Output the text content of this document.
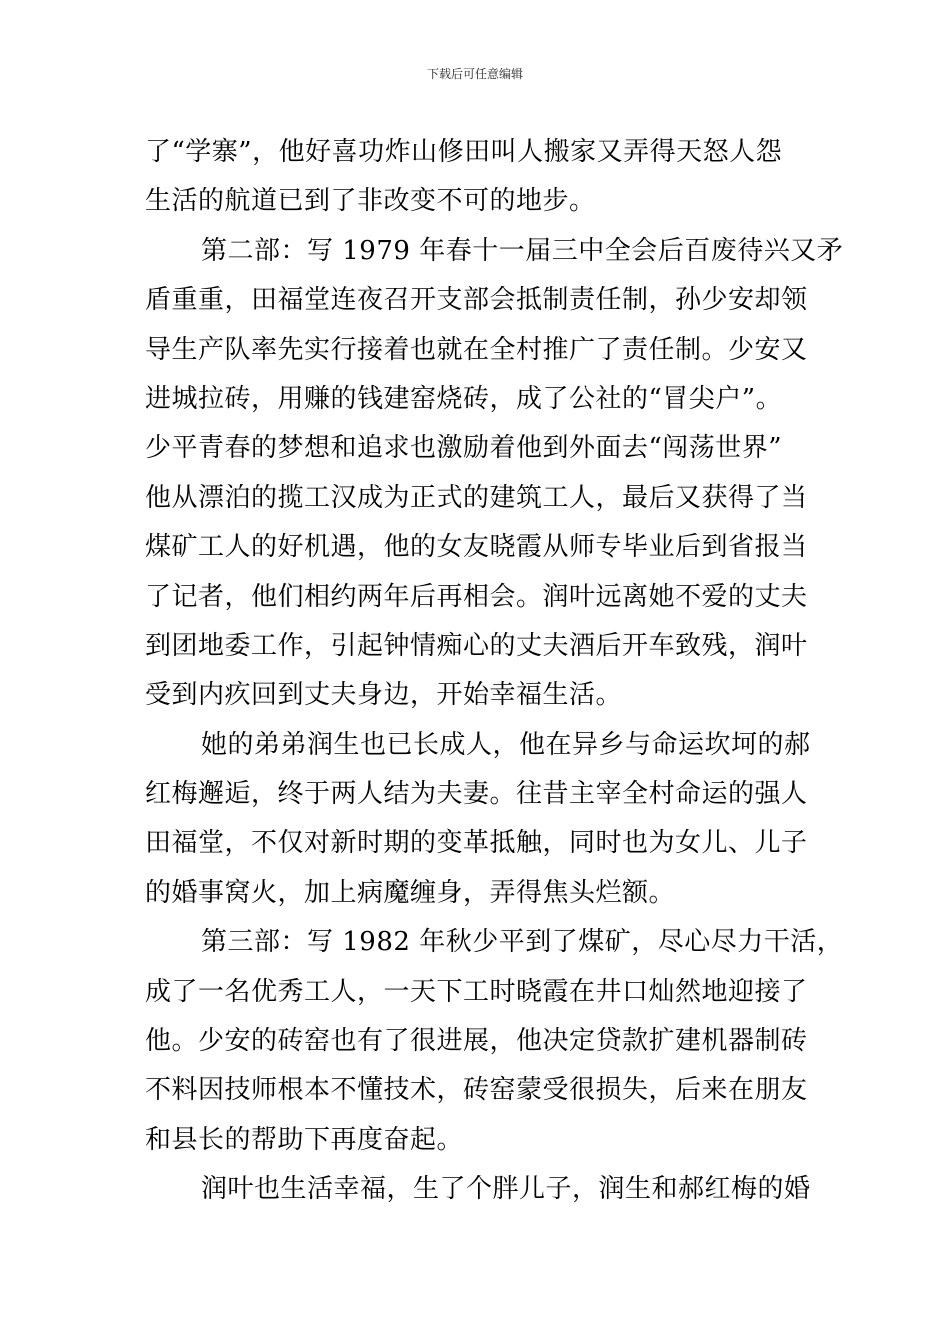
下载后可任意编辑
了“学寨”，他好喜功炸山修田叫人搬家又弄得天怒人怨
生活的航道已到了非改变不可的地步。
第二部：写 1979 年春十一届三中全会后百废待兴又矛
盾重重，田福堂连夜召开支部会抵制责任制，孙少安却领
导生产队率先实行接着也就在全村推广了责任制。少安又
进城拉砖，用赚的钱建窑烧砖，成了公社的“冒尖户”。
少平青春的梦想和追求也激励着他到外面去“闯荡世界”
他从漂泊的揽工汉成为正式的建筑工人，最后又获得了当
煤矿工人的好机遇，他的女友晓霞从师专毕业后到省报当
了记者，他们相约两年后再相会。润叶远离她不爱的丈夫
到团地委工作，引起钟情痴心的丈夫酒后开车致残，润叶
受到内疚回到丈夫身边，开始幸福生活。
她的弟弟润生也已长成人，他在异乡与命运坎坷的郝
红梅邂逅，终于两人结为夫妻。往昔主宰全村命运的强人
田福堂，不仅对新时期的变革抵触，同时也为女儿、儿子
的婚事窝火，加上病魔缠身，弄得焦头烂额。
第三部：写 1982 年秋少平到了煤矿，尽心尽力干活，
成了一名优秀工人，一天下工时晓霞在井口灿然地迎接了
他。少安的砖窑也有了很进展，他决定贷款扩建机器制砖
不料因技师根本不懂技术，砖窑蒙受很损失，后来在朋友
和县长的帮助下再度奋起。
润叶也生活幸福，生了个胖儿子，润生和郝红梅的婚
